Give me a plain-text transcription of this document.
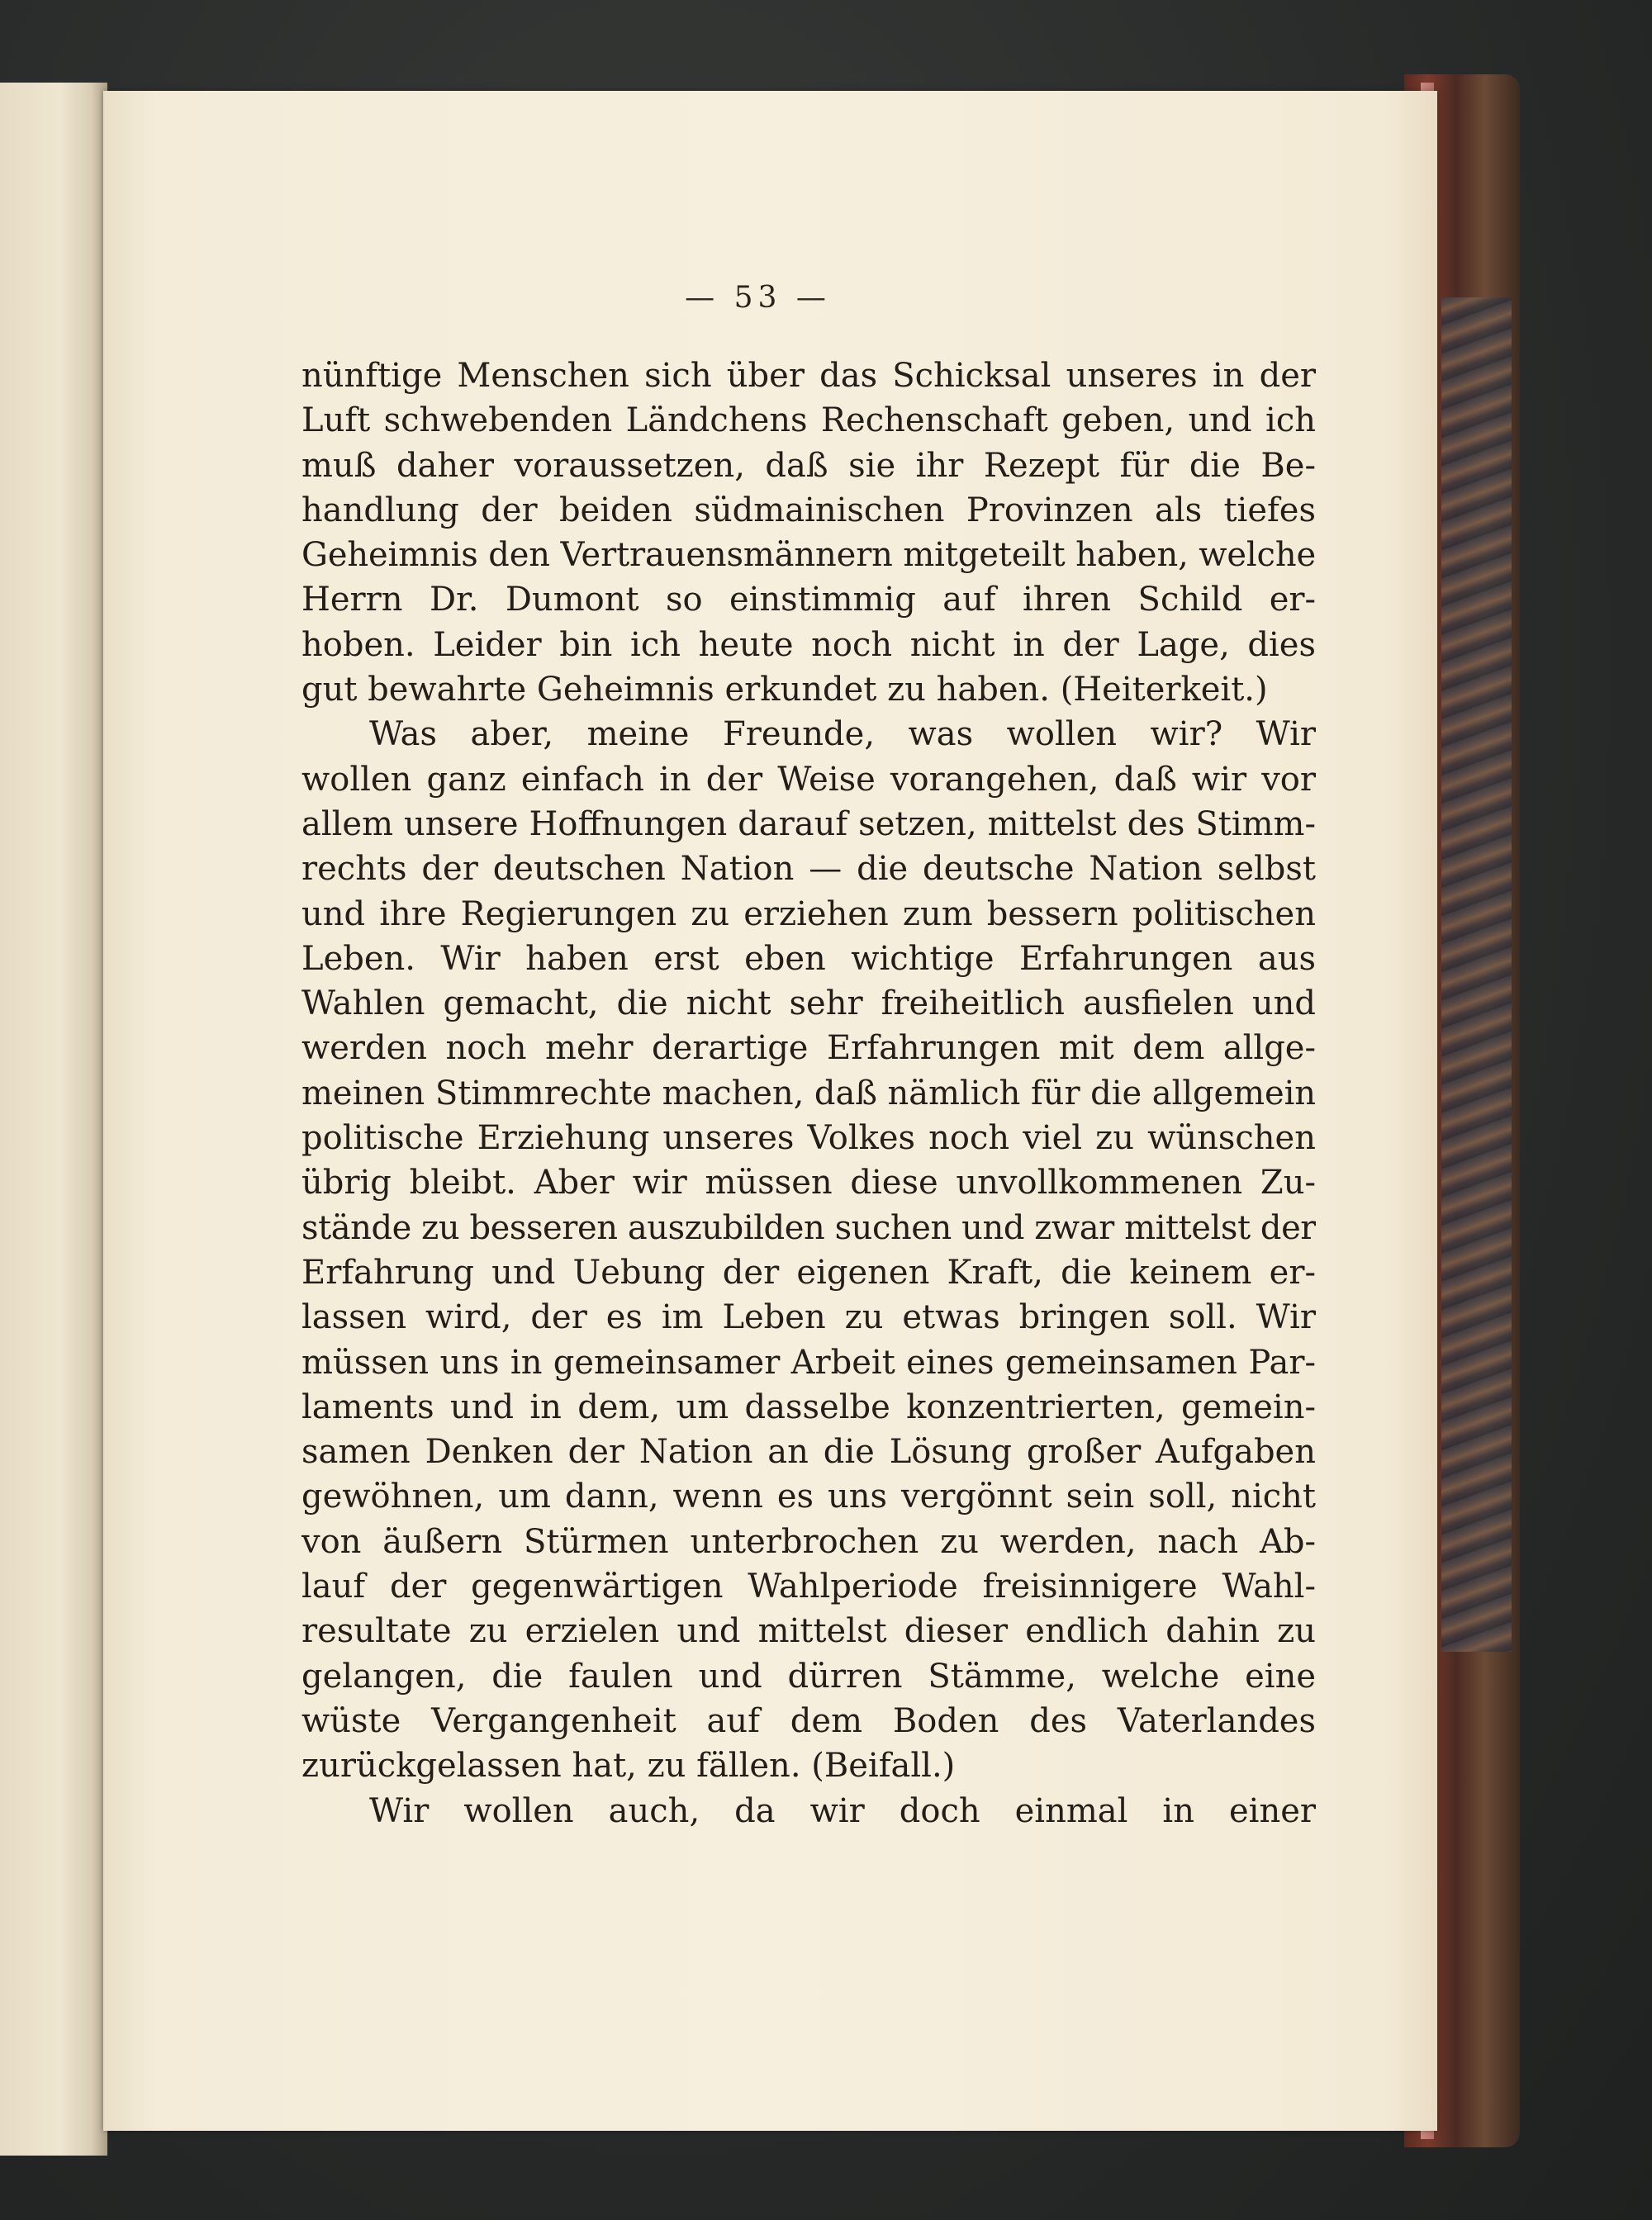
— 53 —
nünftige Menschen sich über das Schicksal unseres in der
Luft schwebenden Ländchens Rechenschaft geben, und ich
muß daher voraussetzen, daß sie ihr Rezept für die Be-
handlung der beiden südmainischen Provinzen als tiefes
Geheimnis den Vertrauensmännern mitgeteilt haben, welche
Herrn Dr. Dumont so einstimmig auf ihren Schild er-
hoben. Leider bin ich heute noch nicht in der Lage, dies
gut bewahrte Geheimnis erkundet zu haben. (Heiterkeit.)
Was aber, meine Freunde, was wollen wir? Wir
wollen ganz einfach in der Weise vorangehen, daß wir vor
allem unsere Hoffnungen darauf setzen, mittelst des Stimm-
rechts der deutschen Nation — die deutsche Nation selbst
und ihre Regierungen zu erziehen zum bessern politischen
Leben. Wir haben erst eben wichtige Erfahrungen aus
Wahlen gemacht, die nicht sehr freiheitlich ausfielen und
werden noch mehr derartige Erfahrungen mit dem allge-
meinen Stimmrechte machen, daß nämlich für die allgemein
politische Erziehung unseres Volkes noch viel zu wünschen
übrig bleibt. Aber wir müssen diese unvollkommenen Zu-
stände zu besseren auszubilden suchen und zwar mittelst der
Erfahrung und Uebung der eigenen Kraft, die keinem er-
lassen wird, der es im Leben zu etwas bringen soll. Wir
müssen uns in gemeinsamer Arbeit eines gemeinsamen Par-
laments und in dem, um dasselbe konzentrierten, gemein-
samen Denken der Nation an die Lösung großer Aufgaben
gewöhnen, um dann, wenn es uns vergönnt sein soll, nicht
von äußern Stürmen unterbrochen zu werden, nach Ab-
lauf der gegenwärtigen Wahlperiode freisinnigere Wahl-
resultate zu erzielen und mittelst dieser endlich dahin zu
gelangen, die faulen und dürren Stämme, welche eine
wüste Vergangenheit auf dem Boden des Vaterlandes
zurückgelassen hat, zu fällen. (Beifall.)
Wir wollen auch, da wir doch einmal in einer
